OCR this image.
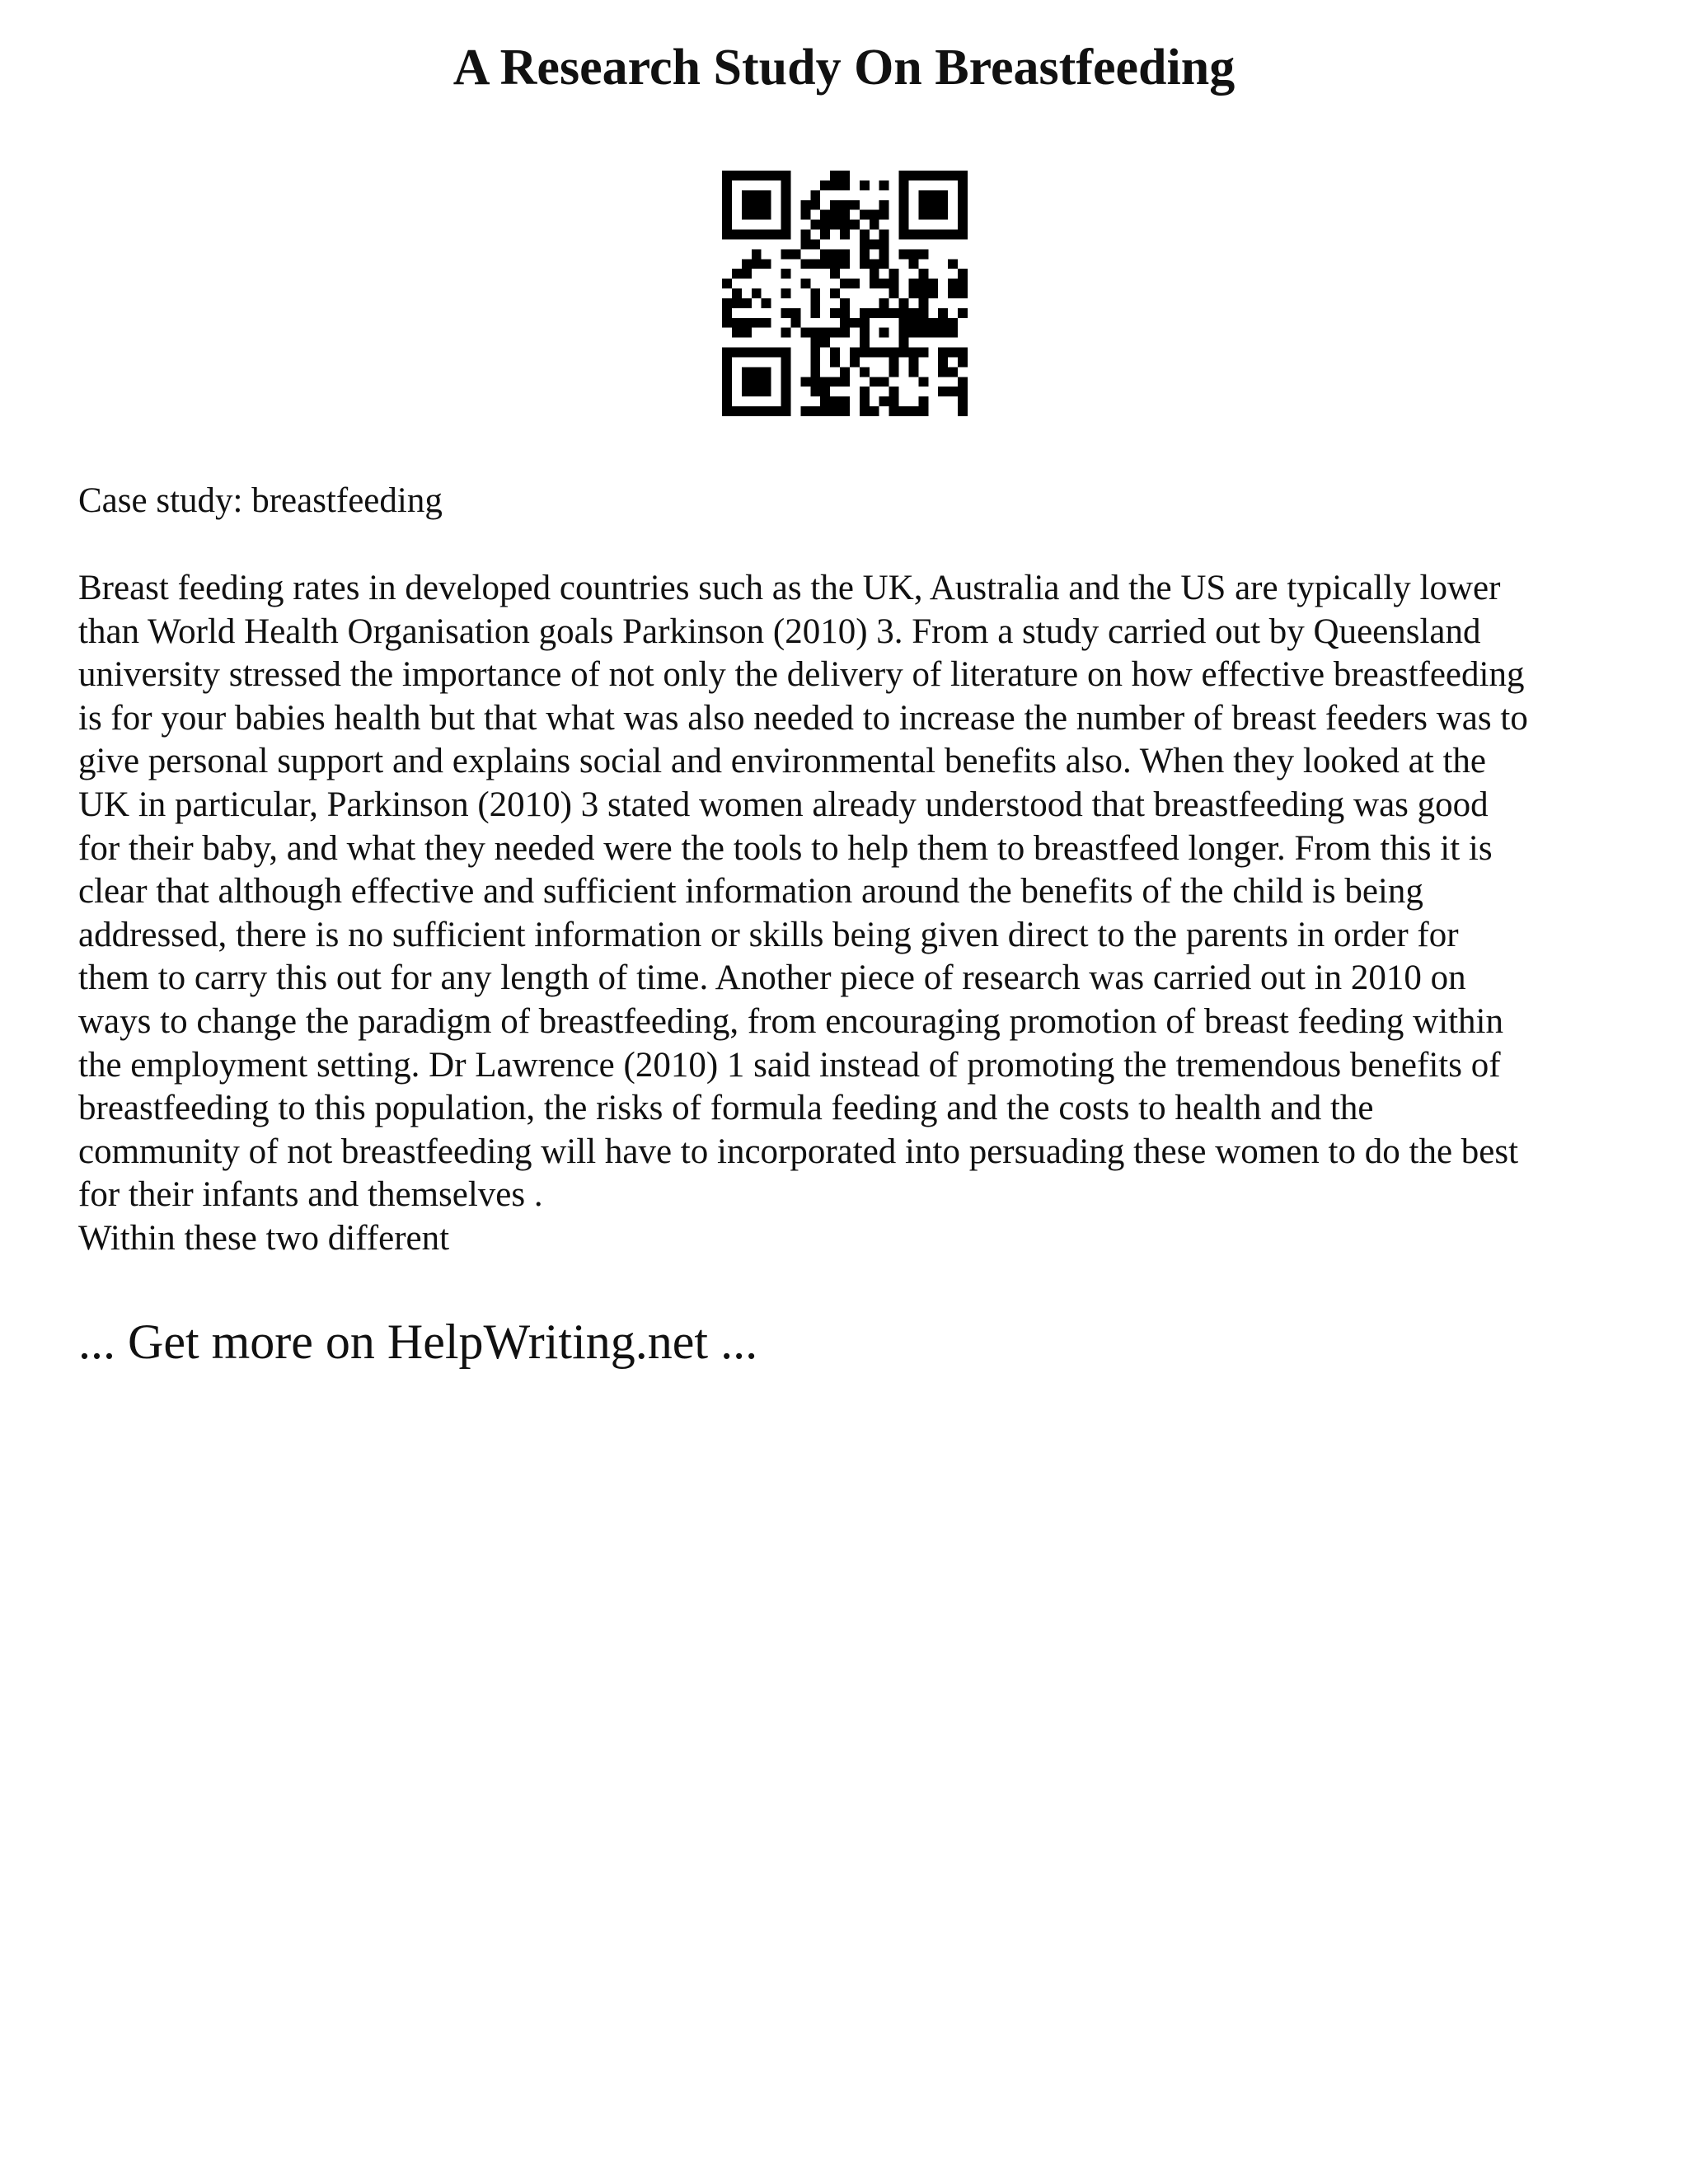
A Research Study On Breastfeeding

Case study: breastfeeding

Breast feeding rates in developed countries such as the UK, Australia and the US are typically lower
than World Health Organisation goals Parkinson (2010) 3. From a study carried out by Queensland
university stressed the importance of not only the delivery of literature on how effective breastfeeding
is for your babies health but that what was also needed to increase the number of breast feeders was to
give personal support and explains social and environmental benefits also. When they looked at the
UK in particular, Parkinson (2010) 3 stated women already understood that breastfeeding was good
for their baby, and what they needed were the tools to help them to breastfeed longer. From this it is
clear that although effective and sufficient information around the benefits of the child is being
addressed, there is no sufficient information or skills being given direct to the parents in order for
them to carry this out for any length of time. Another piece of research was carried out in 2010 on
ways to change the paradigm of breastfeeding, from encouraging promotion of breast feeding within
the employment setting. Dr Lawrence (2010) 1 said instead of promoting the tremendous benefits of
breastfeeding to this population, the risks of formula feeding and the costs to health and the
community of not breastfeeding will have to incorporated into persuading these women to do the best
for their infants and themselves .
Within these two different

... Get more on HelpWriting.net ...
